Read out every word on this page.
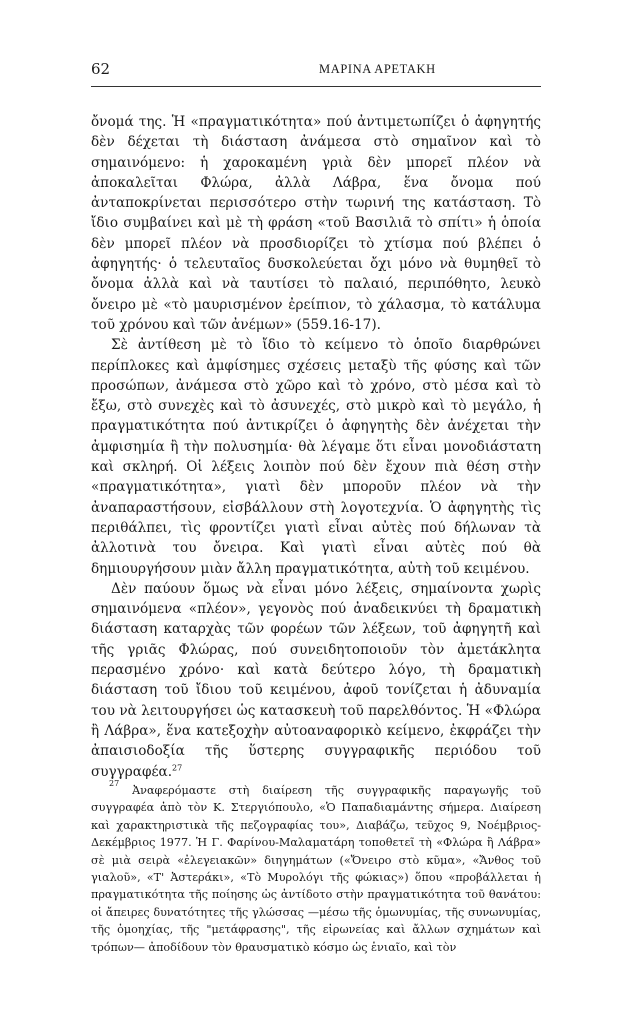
62	ΜΑΡΙΝΑ ΑΡΕΤΑΚΗ

ὄνομά της. Ἡ «πραγματικότητα» πού ἀντιμετωπίζει ὁ ἀφηγητής δὲν δέχεται τὴ διάσταση ἀνάμεσα στὸ σημαῖνον καὶ τὸ σημαινόμενο: ἡ χαροκαμένη γριὰ δὲν μπορεῖ πλέον νὰ ἀποκαλεῖται Φλώρα, ἀλλὰ Λάβρα, ἕνα ὄνομα πού ἀνταποκρίνεται περισσότερο στὴν τωρινή της κατάσταση. Τὸ ἴδιο συμβαίνει καὶ μὲ τὴ φράση «τοῦ Βασιλιᾶ τὸ σπίτι» ἡ ὁποία δὲν μπορεῖ πλέον νὰ προσδιορίζει τὸ χτίσμα πού βλέπει ὁ ἀφηγητής· ὁ τελευταῖος δυσκολεύεται ὄχι μόνο νὰ θυμηθεῖ τὸ ὄνομα ἀλλὰ καὶ νὰ ταυτίσει τὸ παλαιό, περιπόθητο, λευκὸ ὄνειρο μὲ «τὸ μαυρισμένον ἐρείπιον, τὸ χάλασμα, τὸ κατάλυμα τοῦ χρόνου καὶ τῶν ἀνέμων» (559.16-17).

Σὲ ἀντίθεση μὲ τὸ ἴδιο τὸ κείμενο τὸ ὁποῖο διαρθρώνει περίπλοκες καὶ ἀμφίσημες σχέσεις μεταξὺ τῆς φύσης καὶ τῶν προσώπων, ἀνάμεσα στὸ χῶρο καὶ τὸ χρόνο, στὸ μέσα καὶ τὸ ἔξω, στὸ συνεχὲς καὶ τὸ ἀσυνεχές, στὸ μικρὸ καὶ τὸ μεγάλο, ἡ πραγματικότητα πού ἀντικρίζει ὁ ἀφηγητὴς δὲν ἀνέχεται τὴν ἀμφισημία ἢ τὴν πολυσημία· θὰ λέγαμε ὅτι εἶναι μονοδιάστατη καὶ σκληρή. Οἱ λέξεις λοιπὸν πού δὲν ἔχουν πιὰ θέση στὴν «πραγματικότητα», γιατὶ δὲν μποροῦν πλέον νὰ τὴν ἀναπαραστήσουν, εἰσβάλλουν στὴ λογοτεχνία. Ὁ ἀφηγητὴς τὶς περιθάλπει, τὶς φροντίζει γιατὶ εἶναι αὐτὲς πού δήλωναν τὰ ἀλλοτινὰ του ὄνειρα. Καὶ γιατὶ εἶναι αὐτὲς πού θὰ δημιουργήσουν μιὰν ἄλλη πραγματικότητα, αὐτὴ τοῦ κειμένου.

Δὲν παύουν ὅμως νὰ εἶναι μόνο λέξεις, σημαίνοντα χωρὶς σημαινόμενα «πλέον», γεγονὸς πού ἀναδεικνύει τὴ δραματικὴ διάσταση καταρχὰς τῶν φορέων τῶν λέξεων, τοῦ ἀφηγητῆ καὶ τῆς γριᾶς Φλώρας, πού συνειδητοποιοῦν τὸν ἀμετάκλητα περασμένο χρόνο· καὶ κατὰ δεύτερο λόγο, τὴ δραματικὴ διάσταση τοῦ ἴδιου τοῦ κειμένου, ἀφοῦ τονίζεται ἡ ἀδυναμία του νὰ λειτουργήσει ὡς κατασκευὴ τοῦ παρελθόντος. Ἡ «Φλώρα ἢ Λάβρα», ἕνα κατεξοχὴν αὐτοαναφορικὸ κείμενο, ἐκφράζει τὴν ἀπαισιοδοξία τῆς ὕστερης συγγραφικῆς περιόδου τοῦ συγγραφέα.$^{27}$

$^{27}$ Ἀναφερόμαστε στὴ διαίρεση τῆς συγγραφικῆς παραγωγῆς τοῦ συγγραφέα ἀπὸ τὸν Κ. Στεργιόπουλο, «Ὁ Παπαδιαμάντης σήμερα. Διαίρεση καὶ χαρακτηριστικὰ τῆς πεζογραφίας του», Διαβάζω, τεῦχος 9, Νοέμβριος-Δεκέμβριος 1977. Ἡ Γ. Φαρίνου-Μαλαματάρη τοποθετεῖ τὴ «Φλώρα ἢ Λάβρα» σὲ μιὰ σειρὰ «ἐλεγειακῶν» διηγημάτων («Ὄνειρο στὸ κῦμα», «Ἄνθος τοῦ γιαλοῦ», «Τ' Ἀστεράκι», «Τὸ Μυρολόγι τῆς φώκιας») ὅπου «προβάλλεται ἡ πραγματικότητα τῆς ποίησης ὡς ἀντίδοτο στὴν πραγματικότητα τοῦ θανάτου: οἱ ἄπειρες δυνατότητες τῆς γλώσσας —μέσω τῆς ὁμωνυμίας, τῆς συνωνυμίας, τῆς ὁμοηχίας, τῆς "μετάφρασης", τῆς εἰρωνείας καὶ ἄλλων σχημάτων καὶ τρόπων— ἀποδίδουν τὸν θραυσματικὸ κόσμο ὡς ἑνιαῖο, καὶ τὸν
